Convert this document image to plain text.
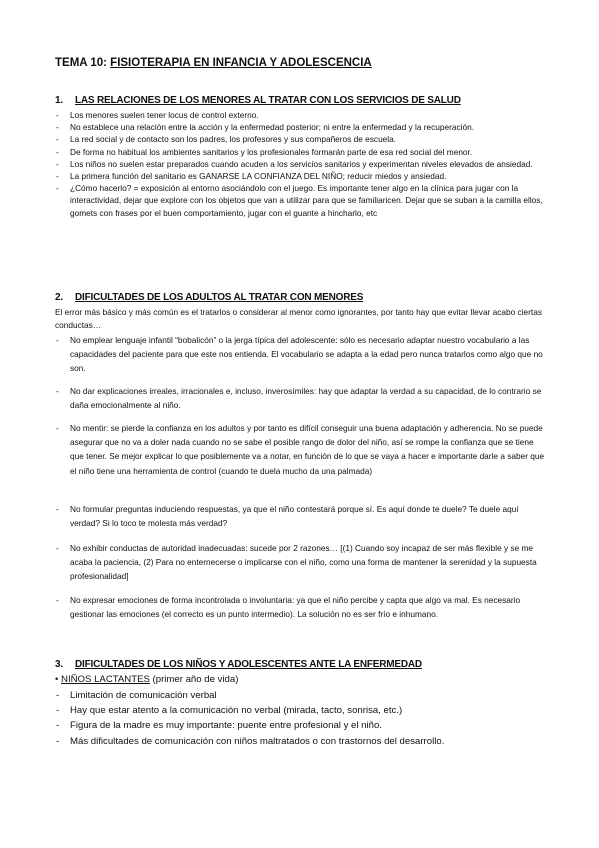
TEMA 10: FISIOTERAPIA EN INFANCIA Y ADOLESCENCIA
1. LAS RELACIONES DE LOS MENORES AL TRATAR CON LOS SERVICIOS DE SALUD
- Los menores suelen tener locus de control externo.
- No establece una relación entre la acción y la enfermedad posterior; ni entre la enfermedad y la recuperación.
- La red social y de contacto son los padres, los profesores y sus compañeros de escuela.
- De forma no habitual los ambientes sanitarios y los profesionales formarán parte de esa red social del menor.
- Los niños no suelen estar preparados cuando acuden a los servicios sanitarios y experimentan niveles elevados de ansiedad.
- La primera función del sanitario es GANARSE LA CONFIANZA DEL NIÑO; reducir miedos y ansiedad.
- ¿Cómo hacerlo? = exposición al entorno asociándolo con el juego. Es importante tener algo en la clínica para jugar con la interactividad, dejar que explore con los objetos que van a utilizar para que se familiaricen. Dejar que se suban a la camilla ellos, gomets con frases por el buen comportamiento, jugar con el guante a hincharlo, etc
2. DIFICULTADES DE LOS ADULTOS AL TRATAR CON MENORES

El error más básico y más común es el tratarlos o considerar al menor como ignorantes, por tanto hay que evitar llevar acabo ciertas conductas…

- No emplear lenguaje infantil “bobalicón” o la jerga típica del adolescente: sólo es necesario adaptar nuestro vocabulario a las capacidades del paciente para que este nos entienda. El vocabulario se adapta a la edad pero nunca tratarlos como algo que no son.
- No dar explicaciones irreales, irracionales e, incluso, inverosímiles: hay que adaptar la verdad a su capacidad, de lo contrario se daña emocionalmente al niño.
- No mentir: se pierde la confianza en los adultos y por tanto es difícil conseguir una buena adaptación y adherencia. No se puede asegurar que no va a doler nada cuando no se sabe el posible rango de dolor del niño, así se rompe la confianza que se tiene que tener. Se mejor explicar lo que posiblemente va a notar, en función de lo que se vaya a hacer e importante darle a saber que el niño tiene una herramienta de control (cuando te duela mucho da una palmada)
- No formular preguntas induciendo respuestas, ya que el niño contestará porque sí. Es aquí donde te duele? Te duele aquí verdad? Si lo toco te molesta más verdad?
- No exhibir conductas de autoridad inadecuadas: sucede por 2 razones… [(1) Cuando soy incapaz de ser más flexible y se me acaba la paciencia, (2) Para no enternecerse o implicarse con el niño, como una forma de mantener la serenidad y la supuesta profesionalidad]
- No expresar emociones de forma incontrolada o involuntaria: ya que el niño percibe y capta que algo va mal. Es necesario gestionar las emociones (el correcto es un punto intermedio). La solución no es ser frío e inhumano.
3. DIFICULTADES DE LOS NIÑOS Y ADOLESCENTES ANTE LA ENFERMEDAD
• NIÑOS LACTANTES (primer año de vida)
- Limitación de comunicación verbal
- Hay que estar atento a la comunicación no verbal (mirada, tacto, sonrisa, etc.)
- Figura de la madre es muy importante: puente entre profesional y el niño.
- Más dificultades de comunicación con niños maltratados o con trastornos del desarrollo.
